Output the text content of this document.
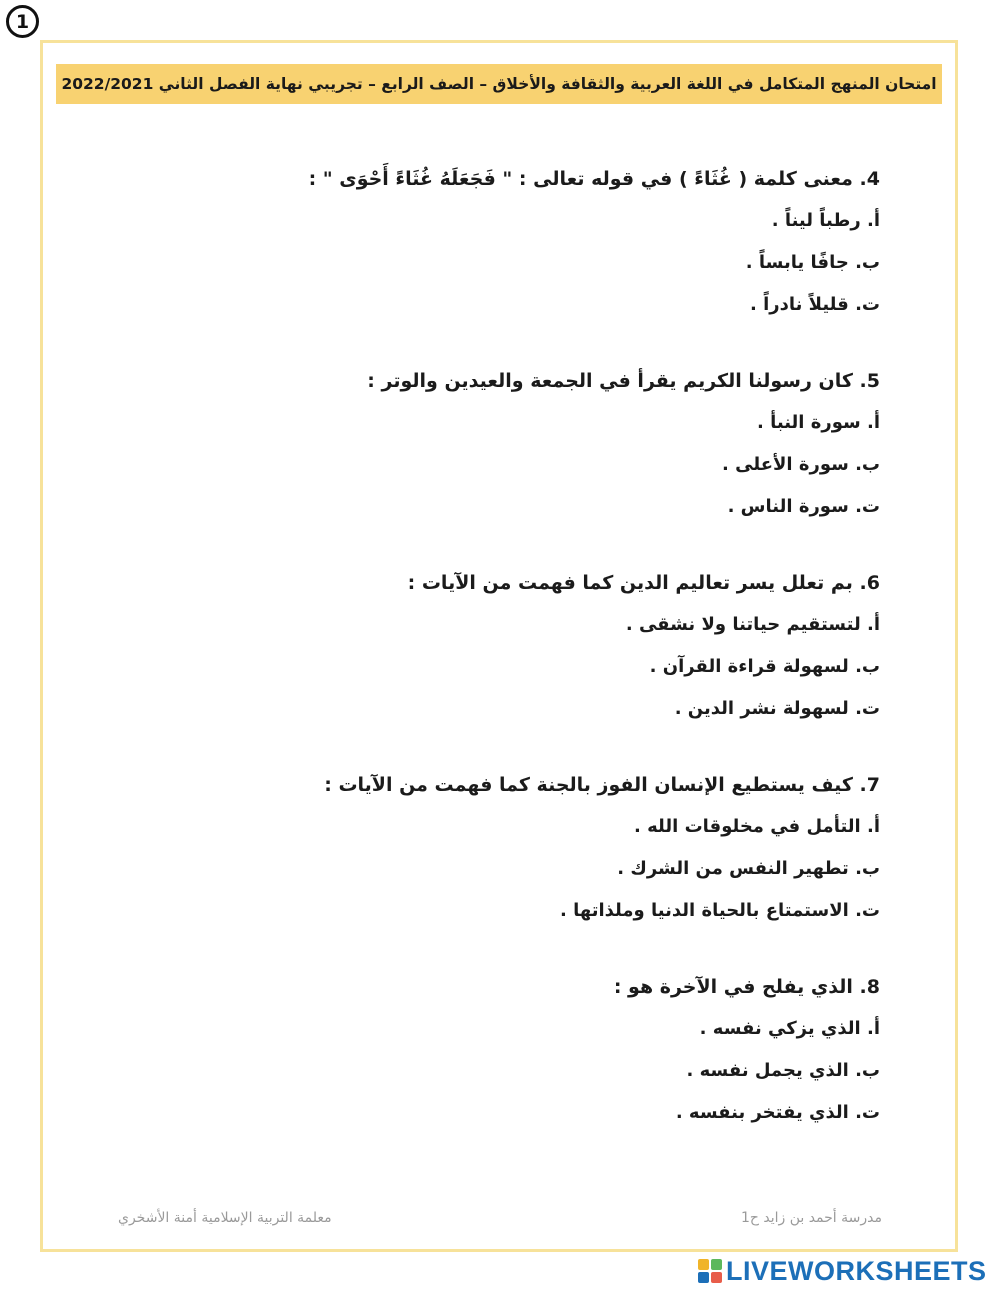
1
امتحان المنهج المتكامل في اللغة العربية والثقافة والأخلاق – الصف الرابع – تجريبي نهاية الفصل الثاني 2022/2021
4. معنى كلمة ( غُثَاءً ) في قوله تعالى : " فَجَعَلَهُ غُثَاءً أَحْوَى " :
أ. رطباً ليناً .
ب. جافًا يابساً .
ت. قليلاً نادراً .
5. كان رسولنا الكريم يقرأ في الجمعة والعيدين والوتر :
أ. سورة النبأ .
ب. سورة الأعلى .
ت. سورة الناس .
6. بم تعلل يسر تعاليم الدين كما فهمت من الآيات :
أ. لتستقيم حياتنا ولا نشقى .
ب. لسهولة قراءة القرآن .
ت. لسهولة نشر الدين .
7. كيف يستطيع الإنسان الفوز بالجنة كما فهمت من الآيات :
أ. التأمل في مخلوقات الله .
ب. تطهير النفس من الشرك .
ت. الاستمتاع بالحياة الدنيا وملذاتها .
8. الذي يفلح في الآخرة هو :
أ. الذي يزكي نفسه .
ب. الذي يجمل نفسه .
ت. الذي يفتخر بنفسه .
مدرسة أحمد بن زايد ح1
معلمة التربية الإسلامية أمنة الأشخري
LIVEWORKSHEETS
